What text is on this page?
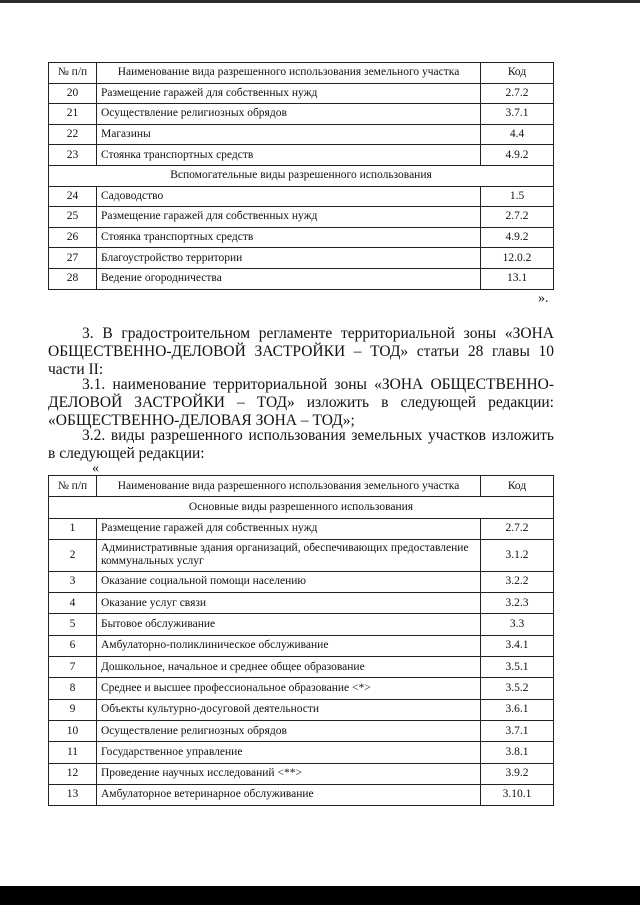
№ п/п	Наименование вида разрешенного использования земельного участка	Код
20	Размещение гаражей для собственных нужд	2.7.2
21	Осуществление религиозных обрядов	3.7.1
22	Магазины	4.4
23	Стоянка транспортных средств	4.9.2
Вспомогательные виды разрешенного использования		
24	Садоводство	1.5
25	Размещение гаражей для собственных нужд	2.7.2
26	Стоянка транспортных средств	4.9.2
27	Благоустройство территории	12.0.2
28	Ведение огородничества	13.1
».

3. В градостроительном регламенте территориальной зоны «ЗОНА ОБЩЕСТВЕННО-ДЕЛОВОЙ ЗАСТРОЙКИ – ТОД» статьи 28 главы 10 части II:

3.1. наименование территориальной зоны «ЗОНА ОБЩЕСТВЕННО-ДЕЛОВОЙ ЗАСТРОЙКИ – ТОД» изложить в следующей редакции: «ОБЩЕСТВЕННО-ДЕЛОВАЯ ЗОНА – ТОД»;

3.2. виды разрешенного использования земельных участков изложить в следующей редакции:

«
№ п/п	Наименование вида разрешенного использования земельного участка	Код
Основные виды разрешенного использования		
1	Размещение гаражей для собственных нужд	2.7.2
2	Административные здания организаций, обеспечивающих предоставление коммунальных услуг	3.1.2
3	Оказание социальной помощи населению	3.2.2
4	Оказание услуг связи	3.2.3
5	Бытовое обслуживание	3.3
6	Амбулаторно-поликлиническое обслуживание	3.4.1
7	Дошкольное, начальное и среднее общее образование	3.5.1
8	Среднее и высшее профессиональное образование <*>	3.5.2
9	Объекты культурно-досуговой деятельности	3.6.1
10	Осуществление религиозных обрядов	3.7.1
11	Государственное управление	3.8.1
12	Проведение научных исследований <**>	3.9.2
13	Амбулаторное ветеринарное обслуживание	3.10.1
